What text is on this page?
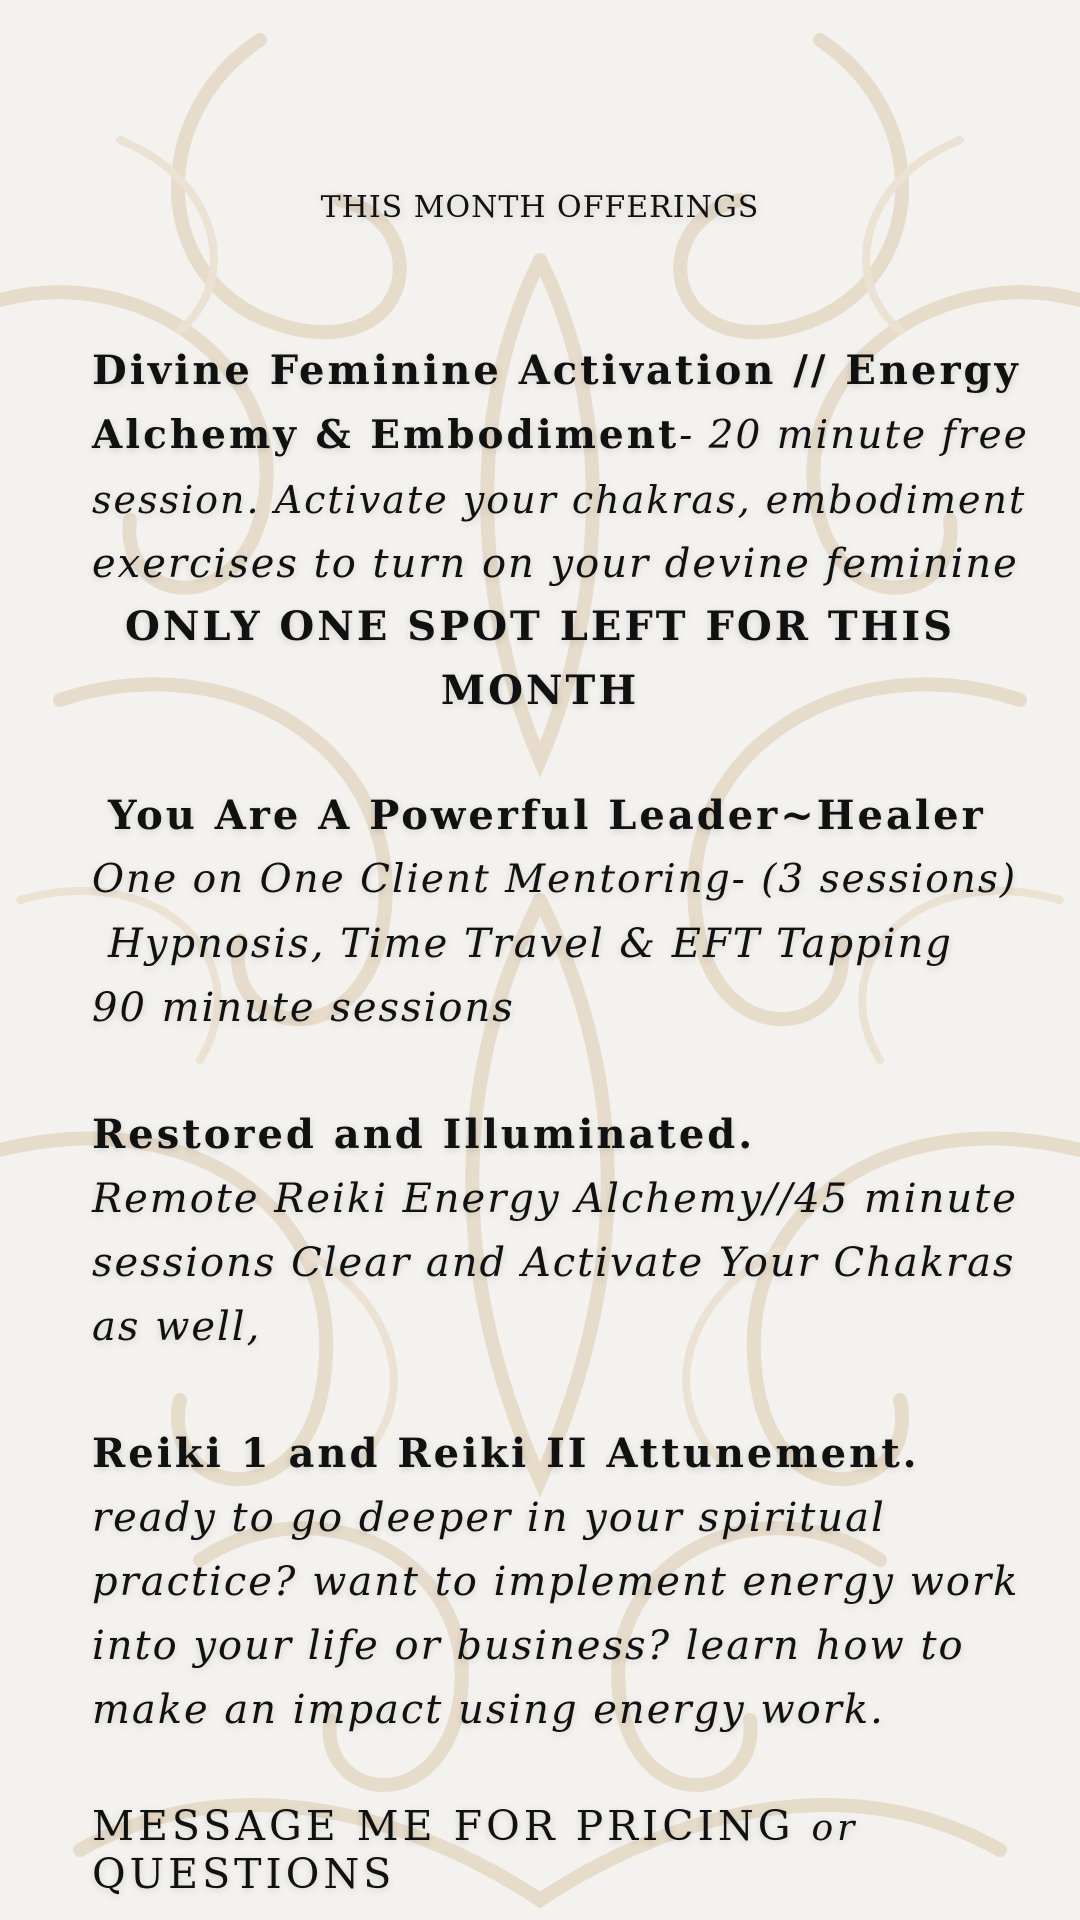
THIS MONTH OFFERINGS
Divine Feminine Activation // Energy
Alchemy & Embodiment- 20 minute free
session. Activate your chakras, embodiment
exercises to turn on your devine feminine
ONLY ONE SPOT LEFT FOR THIS
MONTH
You Are A Powerful Leader~Healer
One on One Client Mentoring- (3 sessions)
Hypnosis, Time Travel & EFT Tapping
90 minute sessions
Restored and Illuminated.
Remote Reiki Energy Alchemy//45 minute
sessions Clear and Activate Your Chakras
as well,
Reiki 1 and Reiki II Attunement.
ready to go deeper in your spiritual
practice? want to implement energy work
into your life or business? learn how to
make an impact using energy work.
MESSAGE ME FOR PRICING or QUESTIONS
